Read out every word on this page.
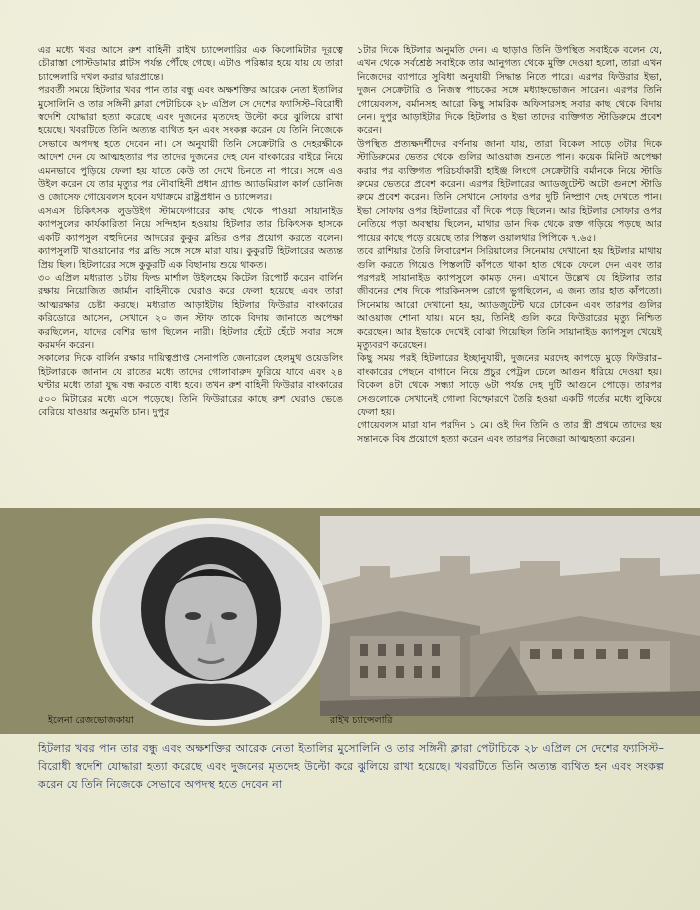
এর মধ্যে খবর আসে রুশ বাহিনী রাইখ চ্যান্সেলারির এক কিলোমিটার দূরত্বে চৌরাস্তা পোস্টডামার প্লাটস পর্যন্ত পৌঁছে গেছে। এটাও পরিষ্কার হয়ে যায় যে তারা চ্যান্সেলারি দখল করার দ্বারপ্রান্তে।

পরবর্তী সময়ে হিটলার খবর পান তার বন্ধু এবং অক্ষশক্তির আরেক নেতা ইতালির মুসোলিনি ও তার সঙ্গিনী ক্লারা পেটাচিকে ২৮ এপ্রিল সে দেশের ফ্যাসিস্ট–বিরোধী স্বদেশি যোদ্ধারা হত্যা করেছে এবং দুজনের মৃতদেহ উল্টো করে ঝুলিয়ে রাখা হয়েছে। খবরটিতে তিনি অত্যন্ত ব্যথিত হন এবং সংকল্প করেন যে তিনি নিজেকে সেভাবে অপদস্থ হতে দেবেন না। সে অনুযায়ী তিনি সেক্রেটারি ও দেহরক্ষীকে আদেশ দেন যে আত্মহত্যার পর তাদের দুজনের দেহ যেন বাংকারের বাইরে নিয়ে এমনভাবে পুড়িয়ে ফেলা হয় যাতে কেউ তা দেখে চিনতে না পারে। সঙ্গে এও উইল করেন যে তার মৃত্যুর পর নৌবাহিনী প্রধান গ্র্যান্ড অ্যাডমিরাল কার্ল ডোনিজ ও জোসেফ গোয়েবলস হবেন যথাক্রমে রাষ্ট্রপ্রধান ও চ্যান্সেলর।

এসএস চিকিৎসক লুডউইগ স্টামফেগারের কাছ থেকে পাওয়া সায়ানাইড ক্যাপসুলের কার্যকারিতা নিয়ে সন্দিহান হওয়ায় হিটলার তার চিকিৎসক হাসকে একটি ক্যাপসুল বহুদিনের আদরের কুকুর ব্লন্ডির ওপর প্রয়োগ করতে বলেন। ক্যাপসুলটি খাওয়ানোর পর ব্লন্ডি সঙ্গে সঙ্গে মারা যায়। কুকুরটি হিটলারের অত্যন্ত প্রিয় ছিল। হিটলারের সঙ্গে কুকুরটি এক বিছানায় শুয়ে থাকত।

৩০ এপ্রিল মধ্যরাত ১টায় ফিল্ড মার্শাল উইলহেম কিটেল রিপোর্ট করেন বার্লিন রক্ষায় নিয়োজিত জার্মান বাহিনীকে ঘেরাও করে ফেলা হয়েছে এবং তারা আত্মরক্ষার চেষ্টা করছে। মধ্যরাত আড়াইটায় হিটলার ফিউরার বাংকারের করিডোরে আসেন, সেখানে ২০ জন স্টাফ তাকে বিদায় জানাতে অপেক্ষা করছিলেন, যাদের বেশির ভাগ ছিলেন নারী। হিটলার হেঁটে হেঁটে সবার সঙ্গে করমর্দন করেন।

সকালের দিকে বার্লিন রক্ষার দায়িত্বপ্রাপ্ত সেনাপতি জেনারেল হেলমুথ ওয়েডলিং হিটলারকে জানান যে রাতের মধ্যে তাদের গোলাবারুদ ফুরিয়ে যাবে এবং ২৪ ঘণ্টার মধ্যে তারা যুদ্ধ বন্ধ করতে বাধ্য হবে। তখন রুশ বাহিনী ফিউরার বাংকারের ৫০০ মিটারের মধ্যে এসে পড়েছে। তিনি ফিউরারের কাছে রুশ ঘেরাও ভেঙে বেরিয়ে যাওয়ার অনুমতি চান। দুপুর

১টার দিকে হিটলার অনুমতি দেন। এ ছাড়াও তিনি উপস্থিত সবাইকে বলেন যে, এখন থেকে সর্বশ্রেষ্ঠ সবাইকে তার আনুগত্য থেকে মুক্তি দেওয়া হলো, তারা এখন নিজেদের ব্যাপারে সুবিধা অনুযায়ী সিদ্ধান্ত নিতে পারে। এরপর ফিউরার ইভা, দুজন সেক্রেটারি ও নিজস্ব পাচকের সঙ্গে মধ্যাহ্নভোজন সারেন। এরপর তিনি গোয়েবলস, বর্মানসহ আরো কিছু সামরিক অফিসারসহ সবার কাছ থেকে বিদায় নেন। দুপুর আড়াইটার দিকে হিটলার ও ইভা তাদের ব্যক্তিগত স্টাডিরুমে প্রবেশ করেন।

উপস্থিত প্রত্যক্ষদর্শীদের বর্ণনায় জানা যায়, তারা বিকেল সাড়ে ৩টার দিকে স্টাডিরুমের ভেতর থেকে গুলির আওয়াজ শুনতে পান। কয়েক মিনিট অপেক্ষা করার পর ব্যক্তিগত পরিচর্যাকারী হাইঞ্জ লিংগে সেক্রেটারি বর্মানকে নিয়ে স্টাডি রুমের ভেতরে প্রবেশ করেন। এরপর হিটলারের অ্যাডজুটেন্ট অটো গুনশে স্টাডি রুমে প্রবেশ করেন। তিনি সেখানে সোফার ওপর দুটি নিষ্প্রাণ দেহ দেখতে পান। ইভা সোফায় ওপর হিটলারের বাঁ দিকে পড়ে ছিলেন। আর হিটলার সোফার ওপর নেতিয়ে পড়া অবস্থায় ছিলেন, মাথার ডান দিক থেকে রক্ত গড়িয়ে পড়ছে আর পায়ের কাছে পড়ে রয়েছে তার পিস্তল ওয়ালথার পিপিকে ৭.৬৫।

তবে রাশিয়ার তৈরি লিবারেশন সিরিয়ালের সিনেমায় দেখানো হয় হিটলার মাথায় গুলি করতে গিয়েও পিস্তলটি কাঁপতে থাকা হাত থেকে ফেলে দেন এবং তার পরপরই সায়ানাইড ক্যাপসুলে কামড় দেন। এখানে উল্লেখ যে হিটলার তার জীবনের শেষ দিকে পারকিনসন্স রোগে ভুগছিলেন, এ জন্য তার হাত কাঁপতো। সিনেমায় আরো দেখানো হয়, অ্যাডজুটেন্ট ঘরে ঢোকেন এবং তারপর গুলির আওয়াজ শোনা যায়। মনে হয়, তিনিই গুলি করে ফিউরারের মৃত্যু নিশ্চিত করেছেন। আর ইভাকে দেখেই বোঝা গিয়েছিল তিনি সায়ানাইড ক্যাপসুল খেয়েই মৃত্যুবরণ করেছেন।

কিছু সময় পরই হিটলারের ইচ্ছানুযায়ী, দুজনের মরদেহ কাপড়ে মুড়ে ফিউরার–বাংকারের পেছনে বাগানে নিয়ে প্রচুর পেট্রল ঢেলে আগুন ধরিয়ে দেওয়া হয়। বিকেল ৪টা থেকে সন্ধ্যা সাড়ে ৬টা পর্যন্ত দেহ দুটি আগুনে পোড়ে। তারপর সেগুলোকে সেখানেই গোলা বিস্ফোরণে তৈরি হওয়া একটি গর্তের মধ্যে লুকিয়ে ফেলা হয়।

গোয়েবলস মারা যান পরদিন ১ মে। ওই দিন তিনি ও তার স্ত্রী প্রথমে তাদের ছয় সন্তানকে বিষ প্রয়োগে হত্যা করেন এবং তারপর নিজেরা আত্মহত্যা করেন।

ইলেনা রেজভোজকায়া	রাইখ চ্যান্সেলারি

হিটলার খবর পান তার বন্ধু এবং অক্ষশক্তির আরেক নেতা ইতালির মুসোলিনি ও তার সঙ্গিনী ক্লারা পেটাচিকে ২৮ এপ্রিল সে দেশের ফ্যাসিস্ট–বিরোধী স্বদেশি যোদ্ধারা হত্যা করেছে এবং দুজনের মৃতদেহ উল্টো করে ঝুলিয়ে রাখা হয়েছে। খবরটিতে তিনি অত্যন্ত ব্যথিত হন এবং সংকল্প করেন যে তিনি নিজেকে সেভাবে অপদস্থ হতে দেবেন না
